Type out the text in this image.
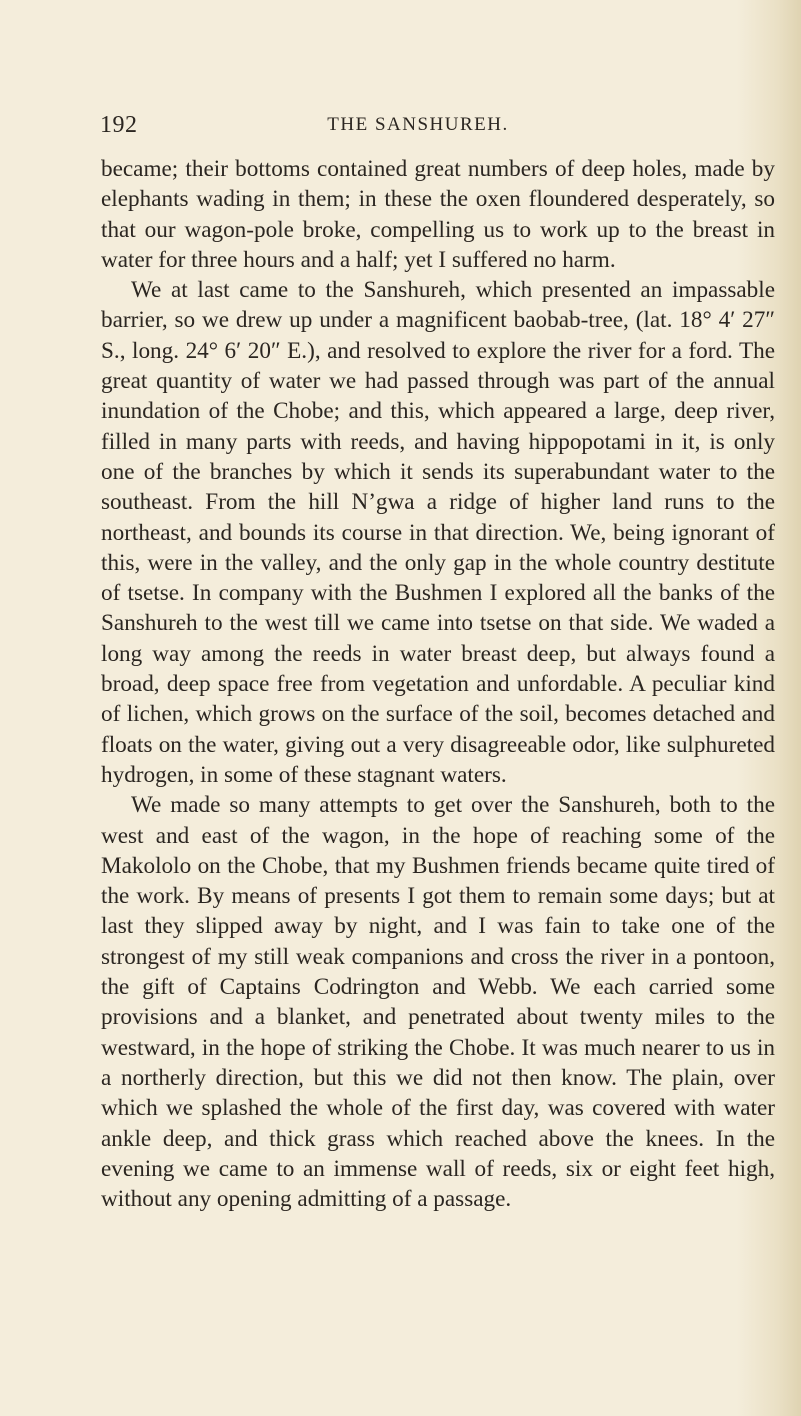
192	THE SANSHUREH.

became; their bottoms contained great numbers of deep holes, made by elephants wading in them; in these the oxen floundered desperately, so that our wagon-pole broke, compelling us to work up to the breast in water for three hours and a half; yet I suffered no harm.

We at last came to the Sanshureh, which presented an impassable barrier, so we drew up under a magnificent baobab-tree, (lat. 18° 4′ 27″ S., long. 24° 6′ 20″ E.), and resolved to explore the river for a ford. The great quantity of water we had passed through was part of the annual inundation of the Chobe; and this, which appeared a large, deep river, filled in many parts with reeds, and having hippopotami in it, is only one of the branches by which it sends its superabundant water to the southeast. From the hill N’gwa a ridge of higher land runs to the northeast, and bounds its course in that direction. We, being ignorant of this, were in the valley, and the only gap in the whole country destitute of tsetse. In company with the Bushmen I explored all the banks of the Sanshureh to the west till we came into tsetse on that side. We waded a long way among the reeds in water breast deep, but always found a broad, deep space free from vegetation and unfordable. A peculiar kind of lichen, which grows on the surface of the soil, becomes detached and floats on the water, giving out a very disagreeable odor, like sulphureted hydrogen, in some of these stagnant waters.

We made so many attempts to get over the Sanshureh, both to the west and east of the wagon, in the hope of reaching some of the Makololo on the Chobe, that my Bushmen friends became quite tired of the work. By means of presents I got them to remain some days; but at last they slipped away by night, and I was fain to take one of the strongest of my still weak companions and cross the river in a pontoon, the gift of Captains Codrington and Webb. We each carried some provisions and a blanket, and penetrated about twenty miles to the westward, in the hope of striking the Chobe. It was much nearer to us in a northerly direction, but this we did not then know. The plain, over which we splashed the whole of the first day, was covered with water ankle deep, and thick grass which reached above the knees. In the evening we came to an immense wall of reeds, six or eight feet high, without any opening admitting of a passage.
